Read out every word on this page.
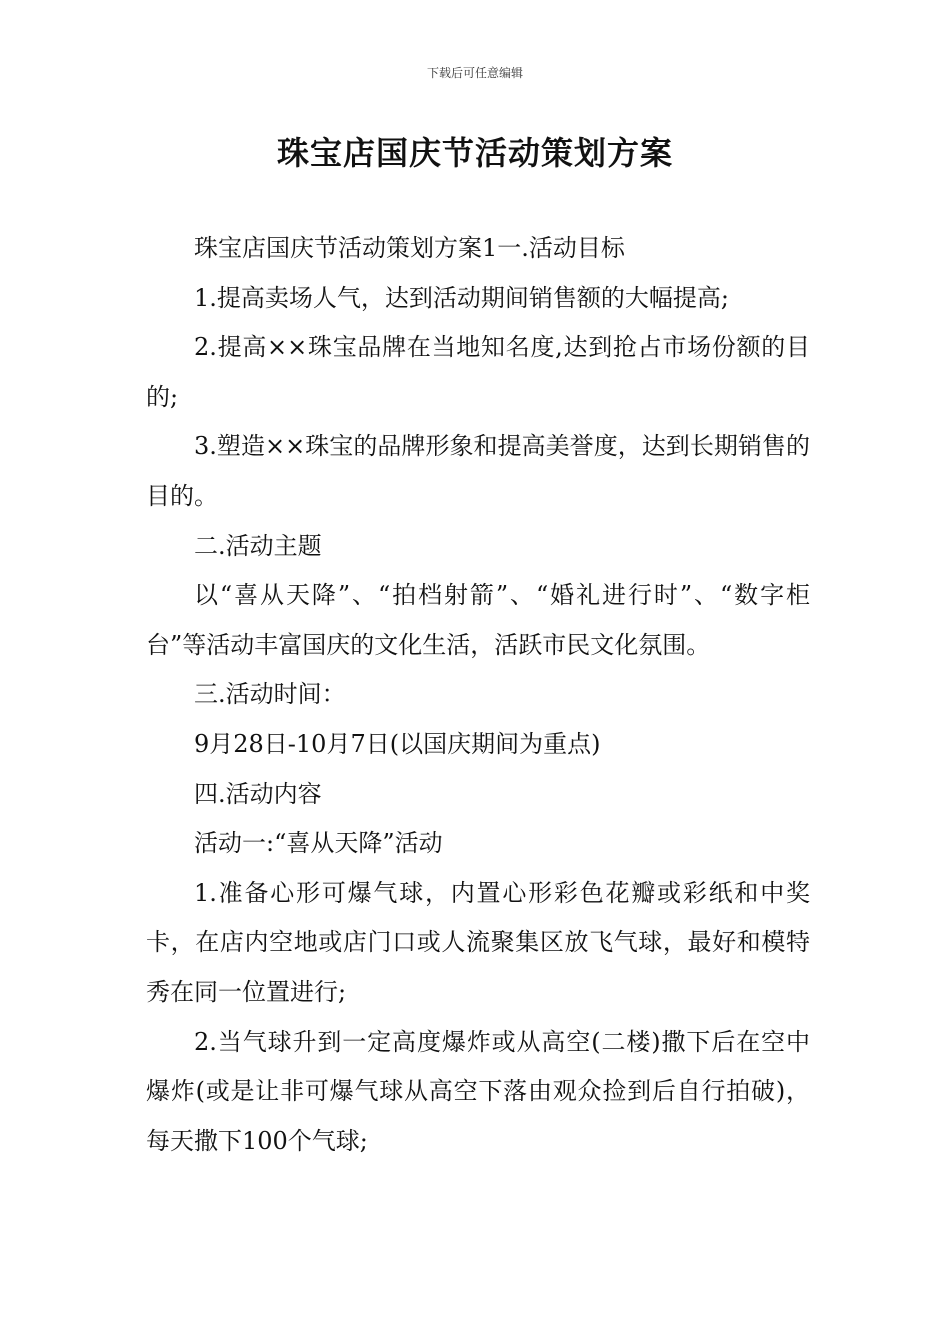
下载后可任意编辑
珠宝店国庆节活动策划方案

珠宝店国庆节活动策划方案1一.活动目标

1.提高卖场人气，达到活动期间销售额的大幅提高;

2.提高××珠宝品牌在当地知名度,达到抢占市场份额的目的;

3.塑造××珠宝的品牌形象和提高美誉度，达到长期销售的目的。

二.活动主题

以“喜从天降”、“拍档射箭”、“婚礼进行时”、“数字柜台”等活动丰富国庆的文化生活，活跃市民文化氛围。

三.活动时间：

9月28日-10月7日(以国庆期间为重点)

四.活动内容

活动一:“喜从天降”活动

1.准备心形可爆气球，内置心形彩色花瓣或彩纸和中奖卡，在店内空地或店门口或人流聚集区放飞气球，最好和模特秀在同一位置进行;

2.当气球升到一定高度爆炸或从高空(二楼)撒下后在空中爆炸(或是让非可爆气球从高空下落由观众捡到后自行拍破)，每天撒下100个气球;
